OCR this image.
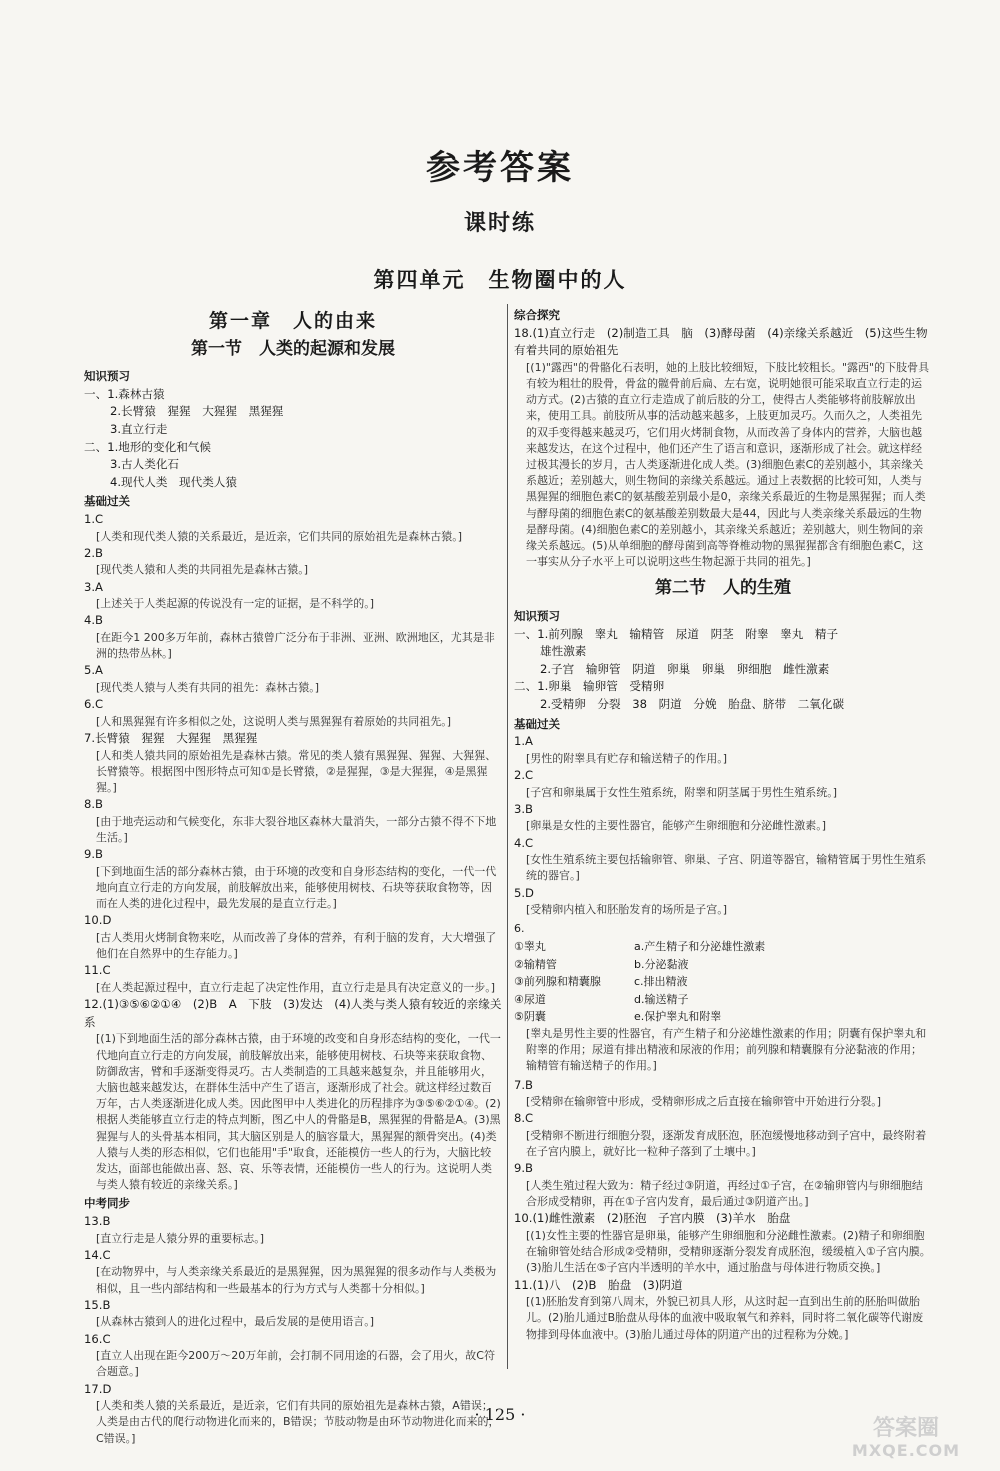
参考答案
课时练
第四单元　生物圈中的人
第一章　人的由来
第一节　人类的起源和发展
知识预习
一、1.森林古猿
2.长臂猿　猩猩　大猩猩　黑猩猩
3.直立行走
二、1.地形的变化和气候
3.古人类化石
4.现代人类　现代类人猿
基础过关
1.C
[人类和现代类人猿的关系最近，是近亲，它们共同的原始祖先是森林古猿。]
2.B
[现代类人猿和人类的共同祖先是森林古猿。]
3.A
[上述关于人类起源的传说没有一定的证据，是不科学的。]
4.B
[在距今1 200多万年前，森林古猿曾广泛分布于非洲、亚洲、欧洲地区，尤其是非洲的热带丛林。]
5.A
[现代类人猿与人类有共同的祖先：森林古猿。]
6.C
[人和黑猩猩有许多相似之处，这说明人类与黑猩猩有着原始的共同祖先。]
7.长臂猿　猩猩　大猩猩　黑猩猩
[人和类人猿共同的原始祖先是森林古猿。常见的类人猿有黑猩猩、猩猩、大猩猩、长臂猿等。根据图中图形特点可知①是长臂猿，②是猩猩，③是大猩猩，④是黑猩猩。]
8.B
[由于地壳运动和气候变化，东非大裂谷地区森林大量消失，一部分古猿不得不下地生活。]
9.B
[下到地面生活的部分森林古猿，由于环境的改变和自身形态结构的变化，一代一代地向直立行走的方向发展，前肢解放出来，能够使用树枝、石块等获取食物等，因而在人类的进化过程中，最先发展的是直立行走。]
10.D
[古人类用火烤制食物来吃，从而改善了身体的营养，有利于脑的发育，大大增强了他们在自然界中的生存能力。]
11.C
[在人类起源过程中，直立行走起了决定性作用，直立行走是具有决定意义的一步。]
12.(1)③⑤⑥②①④　(2)B　A　下肢　(3)发达　(4)人类与类人猿有较近的亲缘关系
[(1)下到地面生活的部分森林古猿，由于环境的改变和自身形态结构的变化，一代一代地向直立行走的方向发展，前肢解放出来，能够使用树枝、石块等来获取食物、防御敌害，臂和手逐渐变得灵巧。古人类制造的工具越来越复杂，并且能够用火，大脑也越来越发达，在群体生活中产生了语言，逐渐形成了社会。就这样经过数百万年，古人类逐渐进化成人类。因此图甲中人类进化的历程排序为③⑤⑥②①④。(2)根据人类能够直立行走的特点判断，图乙中人的骨骼是B，黑猩猩的骨骼是A。(3)黑猩猩与人的头骨基本相同，其大脑区别是人的脑容量大，黑猩猩的额骨突出。(4)类人猿与人类的形态相似，它们也能用"手"取食，还能模仿一些人的行为，大脑比较发达，面部也能做出喜、怒、哀、乐等表情，还能模仿一些人的行为。这说明人类与类人猿有较近的亲缘关系。]
中考同步
13.B
[直立行走是人猿分界的重要标志。]
14.C
[在动物界中，与人类亲缘关系最近的是黑猩猩，因为黑猩猩的很多动作与人类极为相似，且一些内部结构和一些最基本的行为方式与人类都十分相似。]
15.B
[从森林古猿到人的进化过程中，最后发展的是使用语言。]
16.C
[直立人出现在距今200万～20万年前，会打制不同用途的石器，会了用火，故C符合题意。]
17.D
[人类和类人猿的关系最近，是近亲，它们有共同的原始祖先是森林古猿，A错误；人类是由古代的爬行动物进化而来的，B错误；节肢动物是由环节动物进化而来的，C错误。]
综合探究
18.(1)直立行走　(2)制造工具　脑　(3)酵母菌　(4)亲缘关系越近　(5)这些生物有着共同的原始祖先
[(1)"露西"的骨骼化石表明，她的上肢比较细短，下肢比较粗长。"露西"的下肢骨具有较为粗壮的股骨，骨盆的髋骨前后扁、左右宽，说明她很可能采取直立行走的运动方式。(2)古猿的直立行走造成了前后肢的分工，使得古人类能够将前肢解放出来，使用工具。前肢所从事的活动越来越多，上肢更加灵巧。久而久之，人类祖先的双手变得越来越灵巧，它们用火烤制食物，从而改善了身体内的营养，大脑也越来越发达，在这个过程中，他们还产生了语言和意识，逐渐形成了社会。就这样经过极其漫长的岁月，古人类逐渐进化成人类。(3)细胞色素C的差别越小，其亲缘关系越近；差别越大，则生物间的亲缘关系越远。通过上表数据的比较可知，人类与黑猩猩的细胞色素C的氨基酸差别最小是0，亲缘关系最近的生物是黑猩猩；而人类与酵母菌的细胞色素C的氨基酸差别数最大是44，因此与人类亲缘关系最远的生物是酵母菌。(4)细胞色素C的差别越小，其亲缘关系越近；差别越大，则生物间的亲缘关系越远。(5)从单细胞的酵母菌到高等脊椎动物的黑猩猩都含有细胞色素C，这一事实从分子水平上可以说明这些生物起源于共同的祖先。]
第二节　人的生殖
知识预习
一、1.前列腺　睾丸　输精管　尿道　阴茎　附睾　睾丸　精子
雄性激素
2.子宫　输卵管　阴道　卵巢　卵巢　卵细胞　雌性激素
二、1.卵巢　输卵管　受精卵
2.受精卵　分裂　38　阴道　分娩　胎盘、脐带　二氧化碳
基础过关
1.A
[男性的附睾具有贮存和输送精子的作用。]
2.C
[子宫和卵巢属于女性生殖系统，附睾和阴茎属于男性生殖系统。]
3.B
[卵巢是女性的主要性器官，能够产生卵细胞和分泌雌性激素。]
4.C
[女性生殖系统主要包括输卵管、卵巢、子宫、阴道等器官，输精管属于男性生殖系统的器官。]
5.D
[受精卵内植入和胚胎发育的场所是子宫。]
6.
①睾丸	a.产生精子和分泌雄性激素
②输精管	b.分泌黏液
③前列腺和精囊腺	c.排出精液
④尿道	d.输送精子
⑤阴囊	e.保护睾丸和附睾
[睾丸是男性主要的性器官，有产生精子和分泌雄性激素的作用；阴囊有保护睾丸和附睾的作用；尿道有排出精液和尿液的作用；前列腺和精囊腺有分泌黏液的作用；输精管有输送精子的作用。]
7.B
[受精卵在输卵管中形成，受精卵形成之后直接在输卵管中开始进行分裂。]
8.C
[受精卵不断进行细胞分裂，逐渐发育成胚泡，胚泡缓慢地移动到子宫中，最终附着在子宫内膜上，就好比一粒种子落到了土壤中。]
9.B
[人类生殖过程大致为：精子经过③阴道，再经过①子宫，在②输卵管内与卵细胞结合形成受精卵，再在①子宫内发育，最后通过③阴道产出。]
10.(1)雌性激素　(2)胚泡　子宫内膜　(3)羊水　胎盘
[(1)女性主要的性器官是卵巢，能够产生卵细胞和分泌雌性激素。(2)精子和卵细胞在输卵管处结合形成②受精卵，受精卵逐渐分裂发育成胚泡，缓缓植入①子宫内膜。(3)胎儿生活在⑤子宫内半透明的羊水中，通过胎盘与母体进行物质交换。]
11.(1)八　(2)B　胎盘　(3)阴道
[(1)胚胎发育到第八周末，外貌已初具人形，从这时起一直到出生前的胚胎叫做胎儿。(2)胎儿通过B胎盘从母体的血液中吸取氧气和养料，同时将二氧化碳等代谢废物排到母体血液中。(3)胎儿通过母体的阴道产出的过程称为分娩。]
· 125 ·
答案圈
MXQE.COM
